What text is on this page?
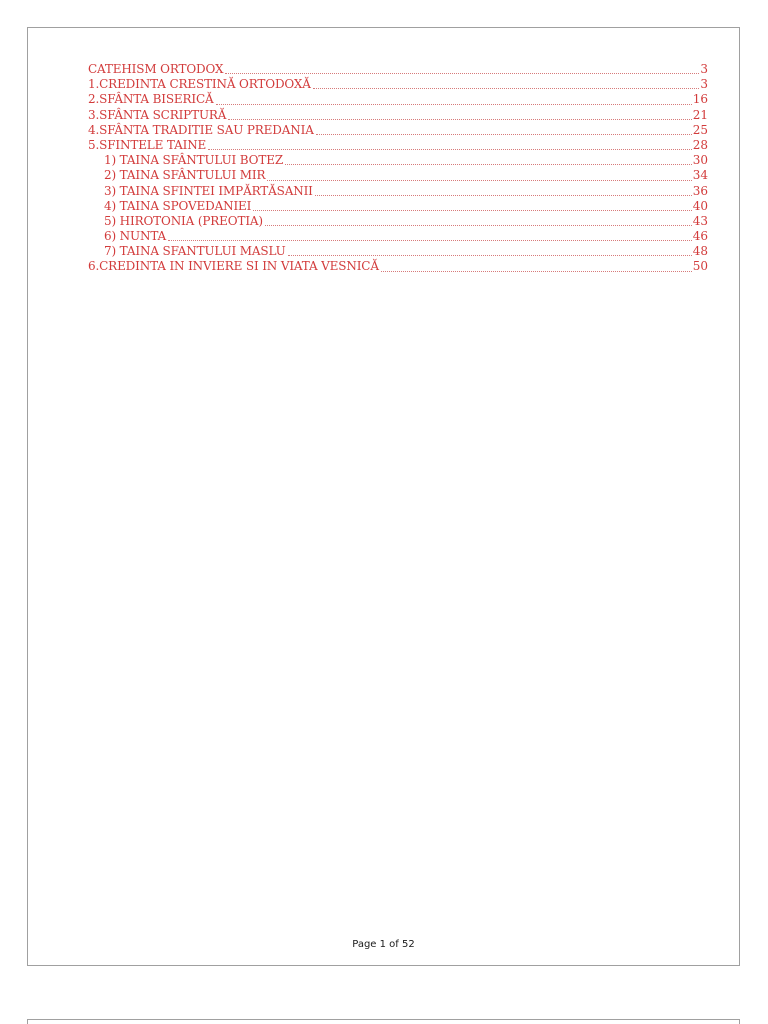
CATEHISM ORTODOX	3
1.CREDINTA CRESTINĂ ORTODOXĂ	3
2.SFÂNTA BISERICĂ	16
3.SFÂNTA SCRIPTURĂ	21
4.SFÂNTA TRADITIE SAU PREDANIA	25
5.SFINTELE TAINE	28
1) TAINA SFÂNTULUI BOTEZ	30
2) TAINA SFÂNTULUI MIR	34
3) TAINA SFINTEI IMPĂRTĂSANII	36
4) TAINA SPOVEDANIEI	40
5) HIROTONIA (PREOTIA)	43
6) NUNTA	46
7) TAINA SFANTULUI MASLU	48
6.CREDINTA IN INVIERE SI IN VIATA VESNICĂ	50
Page 1 of 52
